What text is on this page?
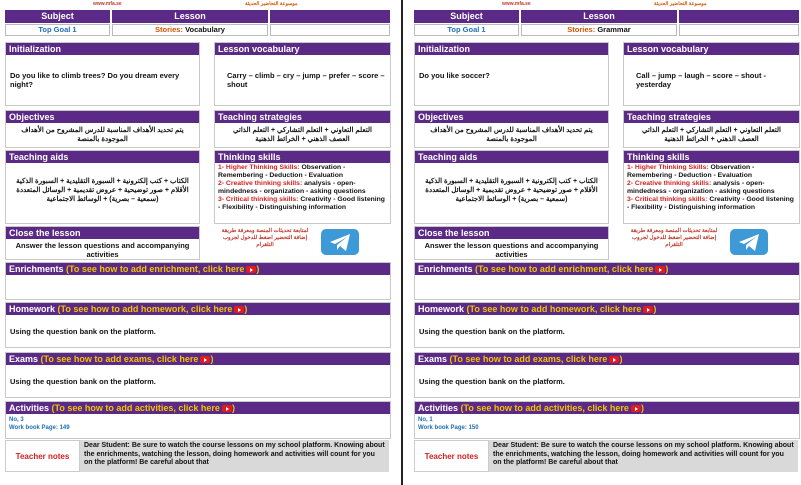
www.mfa.se	موسوعة التحاضير الحديثة
Subject	Lesson
Top Goal 1	Stories: Vocabulary
Initialization
Do you like to climb trees? Do you dream every night?
Lesson vocabulary
Carry – climb – cry – jump – prefer – score – shout
Objectives
يتم تحديد الأهداف المناسبة للدرس المشروح من الأهداف الموجودة بالمنصة
Teaching strategies
التعلم التعاوني + التعلم التشاركي + التعلم الذاتي العصف الذهني + الخرائط الذهنية
Teaching aids
الكتاب + كتب إلكترونية + السبورة التقليدية + السبورة الذكية الأقلام + صور توضيحية + عروض تقديمية + الوسائل المتعددة (سمعية – بصرية) + الوسائط الاجتماعية
Thinking skills
1- Higher Thinking Skills: Observation - Remembering - Deduction - Evaluation
2- Creative thinking skills: analysis - open-mindedness - organization - asking questions
3- Critical thinking skills: Creativity - Good listening - Flexibility - Distinguishing information
Close the lesson
Answer the lesson questions and accompanying activities
لمتابعة تحديثات المنصة ومعرفة طريقة إضافة التحضير اضغط للدخول لجروب التلقرام
Enrichments (To see how to add enrichment, click here )
Homework (To see how to add homework, click here )
Using the question bank on the platform.
Exams (To see how to add exams, click here )
Using the question bank on the platform.
Activities (To see how to add activities, click here )
No, 3
Work book Page: 149
Teacher notes
Dear Student: Be sure to watch the course lessons on my school platform. Knowing about the enrichments, watching the lesson, doing homework and activities will count for you on the platform! Be careful about that
www.mfa.se	موسوعة التحاضير الحديثة
Subject	Lesson
Top Goal 1	Stories: Grammar
Initialization
Do you like soccer?
Lesson vocabulary
Call – jump – laugh – score – shout - yesterday
Objectives
يتم تحديد الأهداف المناسبة للدرس المشروح من الأهداف الموجودة بالمنصة
Teaching strategies
التعلم التعاوني + التعلم التشاركي + التعلم الذاتي العصف الذهني + الخرائط الذهنية
Teaching aids
الكتاب + كتب إلكترونية + السبورة التقليدية + السبورة الذكية الأقلام + صور توضيحية + عروض تقديمية + الوسائل المتعددة (سمعية – بصرية) + الوسائط الاجتماعية
Thinking skills
1- Higher Thinking Skills: Observation - Remembering - Deduction - Evaluation
2- Creative thinking skills: analysis - open-mindedness - organization - asking questions
3- Critical thinking skills: Creativity - Good listening - Flexibility - Distinguishing information
Close the lesson
Answer the lesson questions and accompanying activities
لمتابعة تحديثات المنصة ومعرفة طريقة إضافة التحضير اضغط للدخول لجروب التلقرام
Enrichments (To see how to add enrichment, click here )
Homework (To see how to add homework, click here )
Using the question bank on the platform.
Exams (To see how to add exams, click here )
Using the question bank on the platform.
Activities (To see how to add activities, click here )
No, 1
Work book Page: 150
Teacher notes
Dear Student: Be sure to watch the course lessons on my school platform. Knowing about the enrichments, watching the lesson, doing homework and activities will count for you on the platform! Be careful about that
